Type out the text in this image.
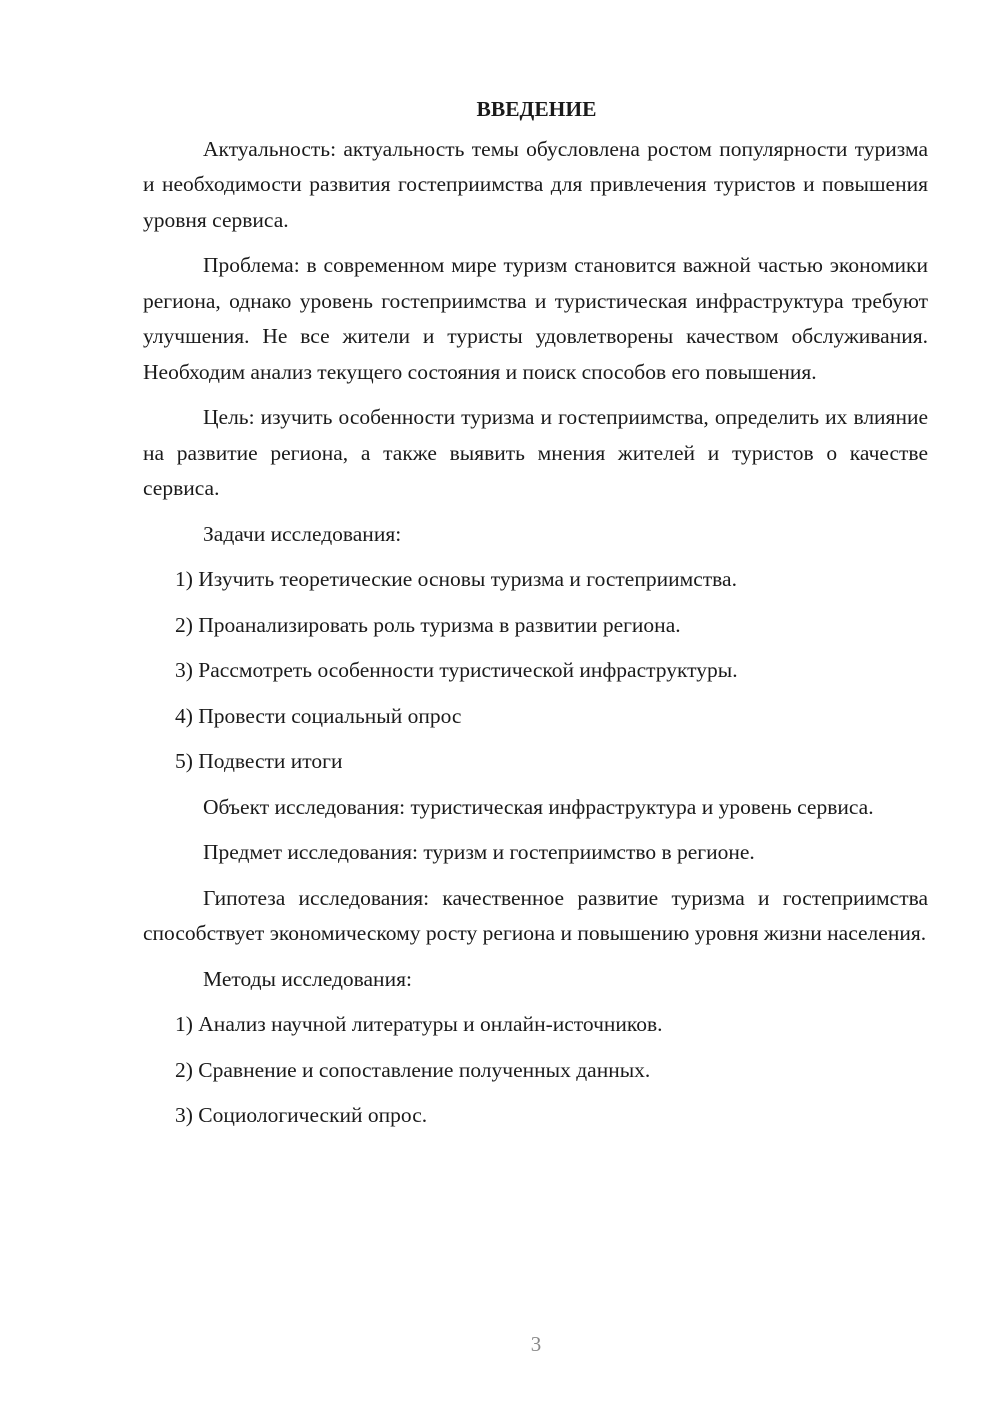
ВВЕДЕНИЕ

Актуальность: актуальность темы обусловлена ростом популярности туризма и необходимости развития гостеприимства для привлечения туристов и повышения уровня сервиса.

Проблема: в современном мире туризм становится важной частью экономики региона, однако уровень гостеприимства и туристическая инфраструктура требуют улучшения. Не все жители и туристы удовлетворены качеством обслуживания. Необходим анализ текущего состояния и поиск способов его повышения.

Цель: изучить особенности туризма и гостеприимства, определить их влияние на развитие региона, а также выявить мнения жителей и туристов о качестве сервиса.

Задачи исследования:

1) Изучить теоретические основы туризма и гостеприимства.

2) Проанализировать роль туризма в развитии региона.

3) Рассмотреть особенности туристической инфраструктуры.

4) Провести социальный опрос

5) Подвести итоги

Объект исследования: туристическая инфраструктура и уровень сервиса.

Предмет исследования: туризм и гостеприимство в регионе.

Гипотеза исследования: качественное развитие туризма и гостеприимства способствует экономическому росту региона и повышению уровня жизни населения.

Методы исследования:

1) Анализ научной литературы и онлайн-источников.

2) Сравнение и сопоставление полученных данных.

3) Социологический опрос.

3
